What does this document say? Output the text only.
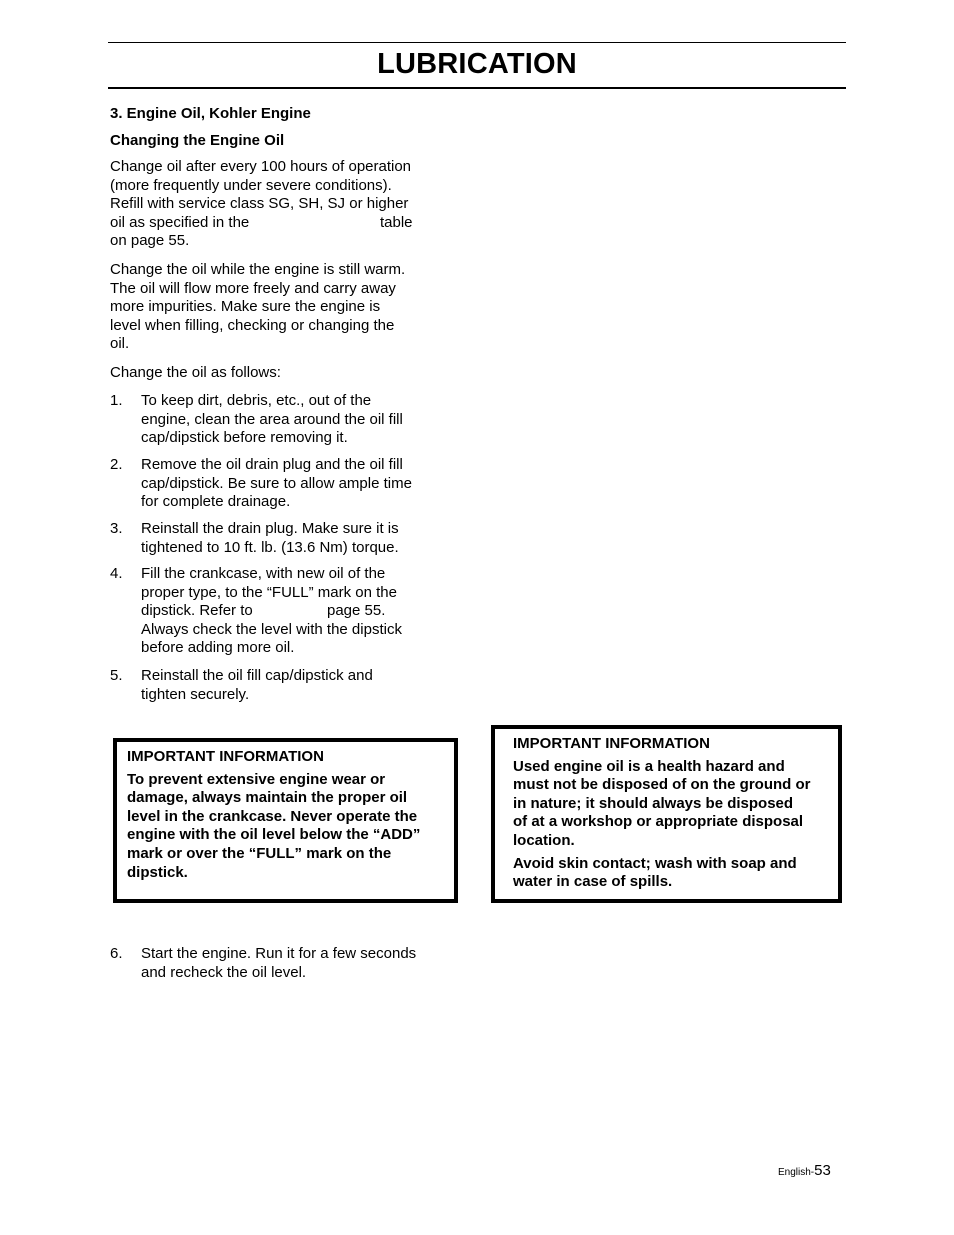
LUBRICATION
3. Engine Oil, Kohler Engine
Changing the Engine Oil
Change oil after every 100 hours of operation
(more frequently under severe conditions).
Refill with service class SG, SH, SJ or higher
oil as specified in the	table

on page 55.
Change the oil while the engine is still warm.
The oil will flow more freely and carry away
more impurities. Make sure the engine is
level when filling, checking or changing the
oil.
Change the oil as follows:
1. To keep dirt, debris, etc., out of the
engine, clean the area around the oil fill
cap/dipstick before removing it.
2. Remove the oil drain plug and the oil fill
cap/dipstick. Be sure to allow ample time
for complete drainage.
3. Reinstall the drain plug. Make sure it is
tightened to 10 ft. lb. (13.6 Nm) torque.
4. Fill the crankcase, with new oil of the
proper type, to the “FULL” mark on the
dipstick. Refer to	page 55.

Always check the level with the dipstick
before adding more oil.
5. Reinstall the oil fill cap/dipstick and
tighten securely.

IMPORTANT INFORMATION

To prevent extensive engine wear or

damage, always maintain the proper oil

level in the crankcase. Never operate the

engine with the oil level below the “ADD”

mark or over the “FULL” mark on the

dipstick.

IMPORTANT INFORMATION

Used engine oil is a health hazard and

must not be disposed of on the ground or

in nature; it should always be disposed

of at a workshop or appropriate disposal

location.

Avoid skin contact; wash with soap and

water in case of spills.

6. Start the engine. Run it for a few seconds
and recheck the oil level.
English-53
